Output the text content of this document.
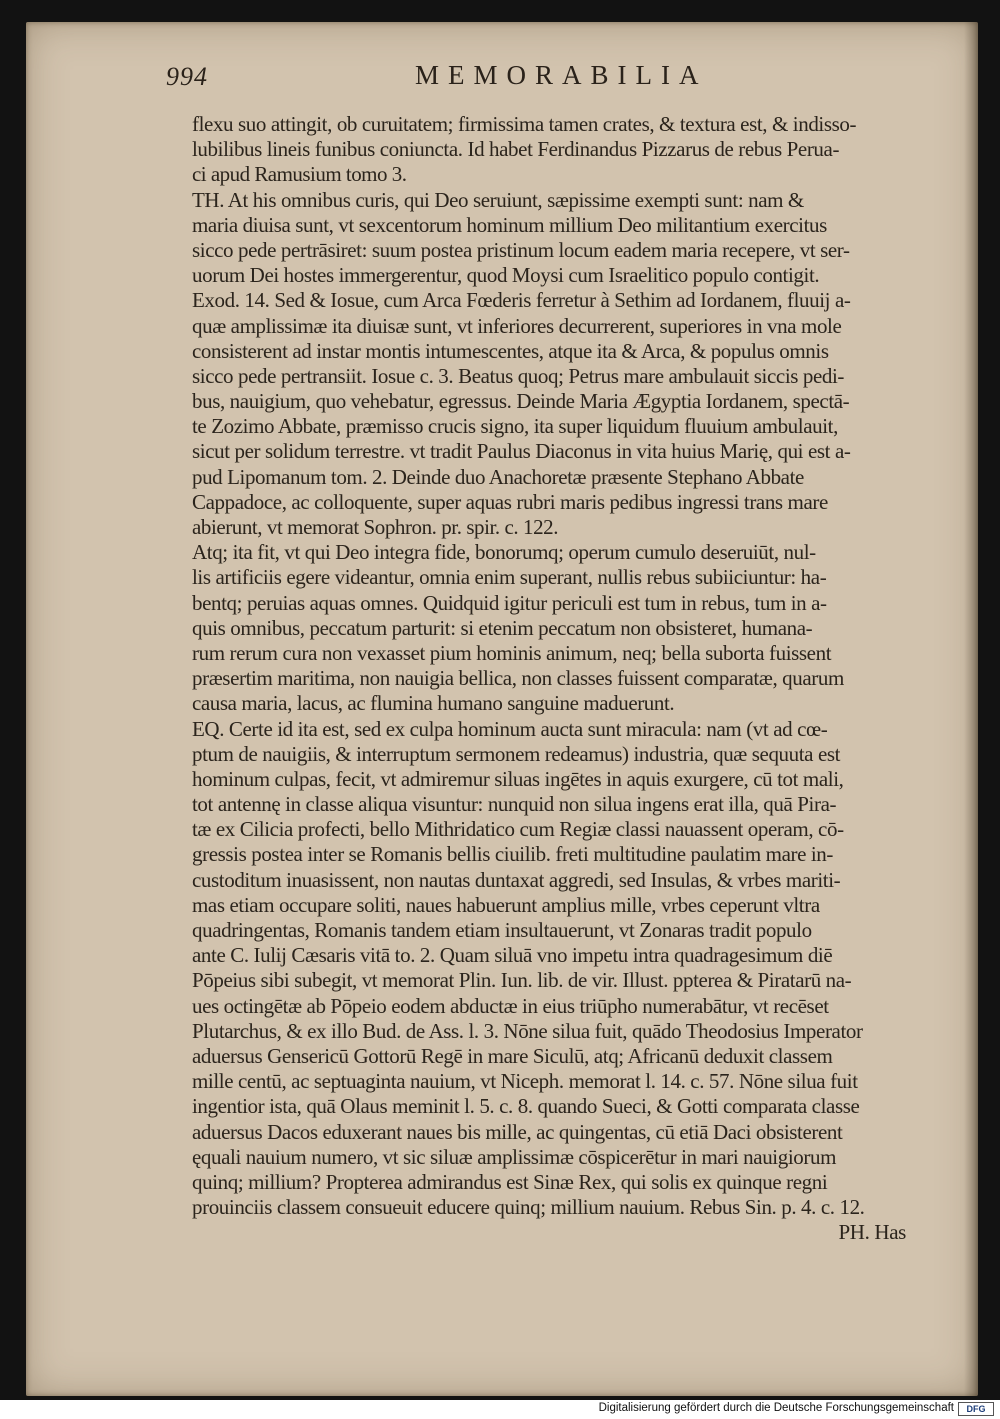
994	MEMORABILIA
flexu suo attingit, ob curuitatem; firmissima tamen crates, & textura est, & indisso-
lubilibus lineis funibus coniuncta. Id habet Ferdinandus Pizzarus de rebus Perua-
ci apud Ramusium tomo 3.
TH. At his omnibus curis, qui Deo seruiunt, sæpissime exempti sunt: nam &
maria diuisa sunt, vt sexcentorum hominum millium Deo militantium exercitus
sicco pede pertrāsiret: suum postea pristinum locum eadem maria recepere, vt ser-
uorum Dei hostes immergerentur, quod Moysi cum Israelitico populo contigit.
Exod. 14. Sed & Iosue, cum Arca Fœderis ferretur à Sethim ad Iordanem, fluuij a-
quæ amplissimæ ita diuisæ sunt, vt inferiores decurrerent, superiores in vna mole
consisterent ad instar montis intumescentes, atque ita & Arca, & populus omnis
sicco pede pertransiit. Iosue c. 3. Beatus quoq; Petrus mare ambulauit siccis pedi-
bus, nauigium, quo vehebatur, egressus. Deinde Maria Ægyptia Iordanem, spectā-
te Zozimo Abbate, præmisso crucis signo, ita super liquidum fluuium ambulauit,
sicut per solidum terrestre. vt tradit Paulus Diaconus in vita huius Marię, qui est a-
pud Lipomanum tom. 2. Deinde duo Anachoretæ præsente Stephano Abbate
Cappadoce, ac colloquente, super aquas rubri maris pedibus ingressi trans mare
abierunt, vt memorat Sophron. pr. spir. c. 122.
Atq; ita fit, vt qui Deo integra fide, bonorumq; operum cumulo deseruiūt, nul-
lis artificiis egere videantur, omnia enim superant, nullis rebus subiiciuntur: ha-
bentq; peruias aquas omnes. Quidquid igitur periculi est tum in rebus, tum in a-
quis omnibus, peccatum parturit: si etenim peccatum non obsisteret, humana-
rum rerum cura non vexasset pium hominis animum, neq; bella suborta fuissent
præsertim maritima, non nauigia bellica, non classes fuissent comparatæ, quarum
causa maria, lacus, ac flumina humano sanguine maduerunt.
EQ. Certe id ita est, sed ex culpa hominum aucta sunt miracula: nam (vt ad cœ-
ptum de nauigiis, & interruptum sermonem redeamus) industria, quæ sequuta est
hominum culpas, fecit, vt admiremur siluas ingētes in aquis exurgere, cū tot mali,
tot antennę in classe aliqua visuntur: nunquid non silua ingens erat illa, quā Pira-
tæ ex Cilicia profecti, bello Mithridatico cum Regiæ classi nauassent operam, cō-
gressis postea inter se Romanis bellis ciuilib. freti multitudine paulatim mare in-
custoditum inuasissent, non nautas duntaxat aggredi, sed Insulas, & vrbes mariti-
mas etiam occupare soliti, naues habuerunt amplius mille, vrbes ceperunt vltra
quadringentas, Romanis tandem etiam insultauerunt, vt Zonaras tradit populo
ante C. Iulij Cæsaris vitā to. 2. Quam siluā vno impetu intra quadragesimum diē
Pōpeius sibi subegit, vt memorat Plin. Iun. lib. de vir. Illust. ppterea & Piratarū na-
ues octingētæ ab Pōpeio eodem abductæ in eius triūpho numerabātur, vt recēset
Plutarchus, & ex illo Bud. de Ass. l. 3. Nōne silua fuit, quādo Theodosius Imperator
aduersus Gensericū Gottorū Regē in mare Siculū, atq; Africanū deduxit classem
mille centū, ac septuaginta nauium, vt Niceph. memorat l. 14. c. 57. Nōne silua fuit
ingentior ista, quā Olaus meminit l. 5. c. 8. quando Sueci, & Gotti comparata classe
aduersus Dacos eduxerant naues bis mille, ac quingentas, cū etiā Daci obsisterent
ęquali nauium numero, vt sic siluæ amplissimæ cōspicerētur in mari nauigiorum
quinq; millium? Propterea admirandus est Sinæ Rex, qui solis ex quinque regni
prouinciis classem consueuit educere quinq; millium nauium. Rebus Sin. p. 4. c. 12.
PH. Has
Digitalisierung gefördert durch die Deutsche Forschungsgemeinschaft	DFG
